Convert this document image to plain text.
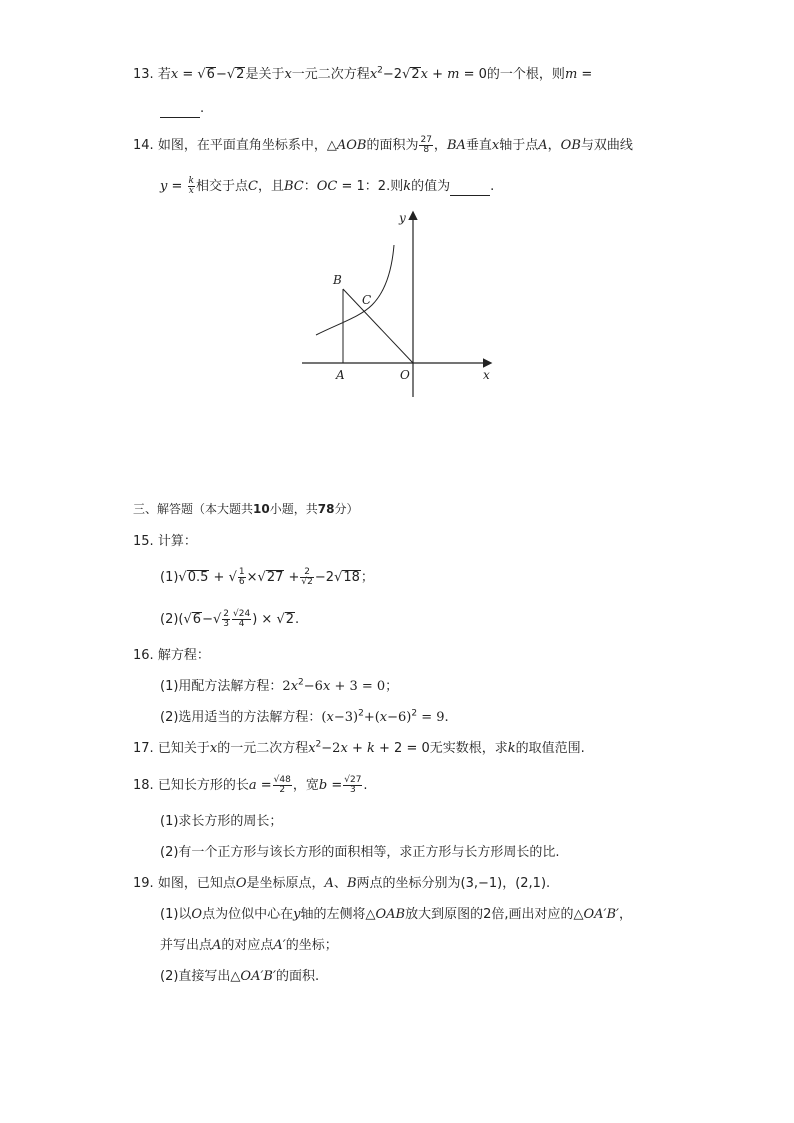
13. 若x = √6−√2是关于x一元二次方程$x^2-2√2x + m = 0$的一个根，则m =
.
14. 如图，在平面直角坐标系中，△AOB的面积为 $\frac{27}{8}$ ，BA垂直x轴于点A，OB与双曲线
$y = \frac{k}{x}$ 相交于点C，且BC：OC = 1：2.则k的值为	.
y
x
B
C
A	O
三、解答题（本大题共10小题，共78分）
15. 计算：
(1)√0.5 + √ $\frac{1}{6} \times√27 + \frac{2}{√2} -2√18$；
$(2)(√6-√ \frac{2}{3} \frac{√24}{4}$ ) × √2.
16. 解方程：
(1)用配方法解方程：$2x^2-6x + 3 = 0$；
(2)选用适当的方法解方程：$(x-3)^2+(x-6)^2 = 9$.
17. 已知关于x的一元二次方程$x^2-2x + k + 2 = 0$无实数根，求k的取值范围.
18. 已知长方形的长$a = \frac{√48}{2}$ ，宽$b = \frac{√27}{3}$ .
(1)求长方形的周长；
(2)有一个正方形与该长方形的面积相等，求正方形与长方形周长的比.
19. 如图，已知点O是坐标原点，A、B两点的坐标分别为(3,−1)，(2,1).
(1)以O点为位似中心在y轴的左侧将△OAB放大到原图的2倍,画出对应的△OA′B′，
并写出点A的对应点A′的坐标；
(2)直接写出△OA′B′的面积.
